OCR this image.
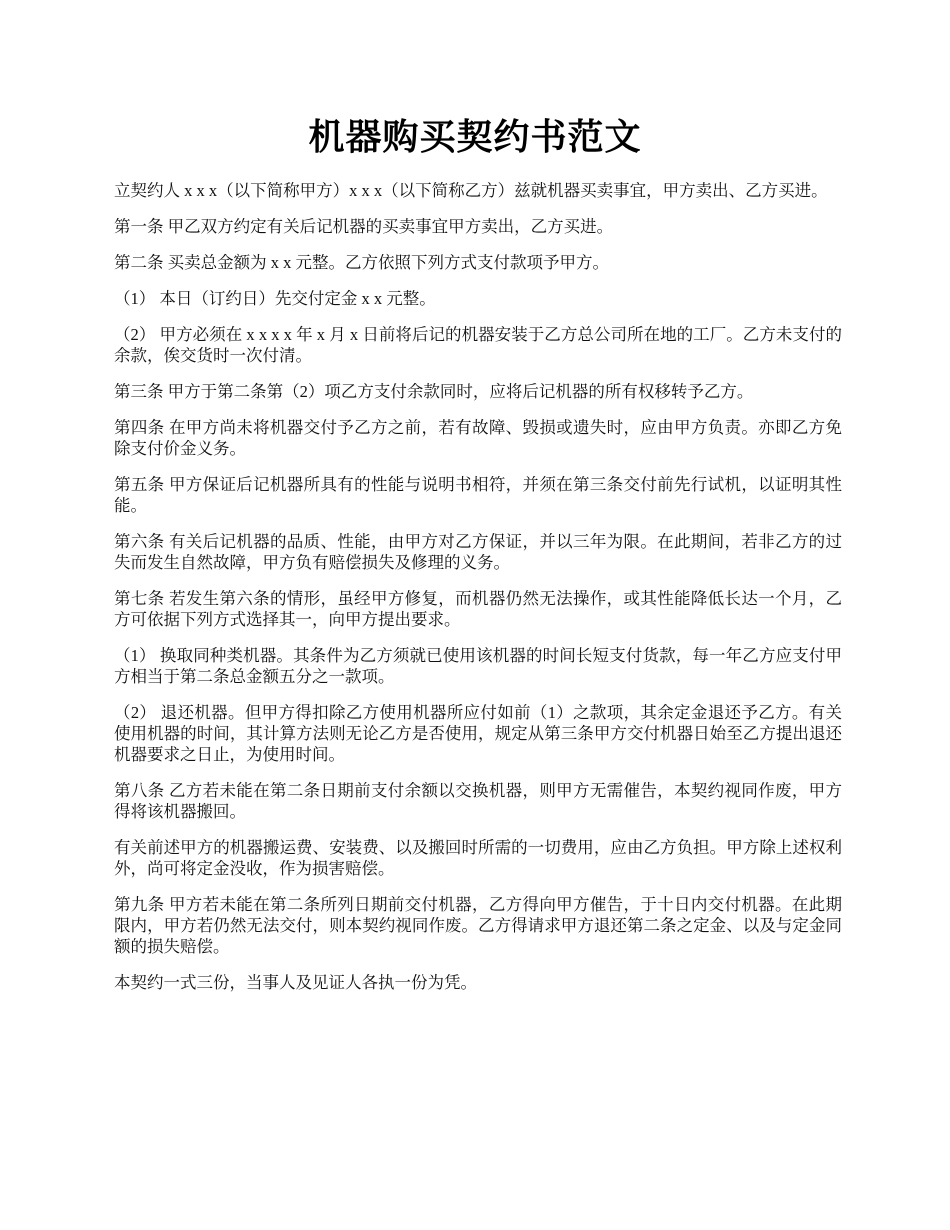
机器购买契约书范文

立契约人 x x x（以下简称甲方）x x x（以下简称乙方）兹就机器买卖事宜，甲方卖出、乙方买进。

第一条 甲乙双方约定有关后记机器的买卖事宜甲方卖出，乙方买进。

第二条 买卖总金额为 x x 元整。乙方依照下列方式支付款项予甲方。

（1） 本日（订约日）先交付定金 x x 元整。

（2） 甲方必须在 x x x x 年 x 月 x 日前将后记的机器安装于乙方总公司所在地的工厂。乙方未支付的余款，俟交货时一次付清。

第三条 甲方于第二条第（2）项乙方支付余款同时，应将后记机器的所有权移转予乙方。

第四条 在甲方尚未将机器交付予乙方之前，若有故障、毁损或遗失时，应由甲方负责。亦即乙方免除支付价金义务。

第五条 甲方保证后记机器所具有的性能与说明书相符，并须在第三条交付前先行试机，以证明其性能。

第六条 有关后记机器的品质、性能，由甲方对乙方保证，并以三年为限。在此期间，若非乙方的过失而发生自然故障，甲方负有赔偿损失及修理的义务。

第七条 若发生第六条的情形，虽经甲方修复，而机器仍然无法操作，或其性能降低长达一个月，乙方可依据下列方式选择其一，向甲方提出要求。

（1） 换取同种类机器。其条件为乙方须就已使用该机器的时间长短支付货款，每一年乙方应支付甲方相当于第二条总金额五分之一款项。

（2） 退还机器。但甲方得扣除乙方使用机器所应付如前（1）之款项，其余定金退还予乙方。有关使用机器的时间，其计算方法则无论乙方是否使用，规定从第三条甲方交付机器日始至乙方提出退还机器要求之日止，为使用时间。

第八条 乙方若未能在第二条日期前支付余额以交换机器，则甲方无需催告，本契约视同作废，甲方得将该机器搬回。

有关前述甲方的机器搬运费、安装费、以及搬回时所需的一切费用，应由乙方负担。甲方除上述权利外，尚可将定金没收，作为损害赔偿。

第九条 甲方若未能在第二条所列日期前交付机器，乙方得向甲方催告，于十日内交付机器。在此期限内，甲方若仍然无法交付，则本契约视同作废。乙方得请求甲方退还第二条之定金、以及与定金同额的损失赔偿。

本契约一式三份，当事人及见证人各执一份为凭。
